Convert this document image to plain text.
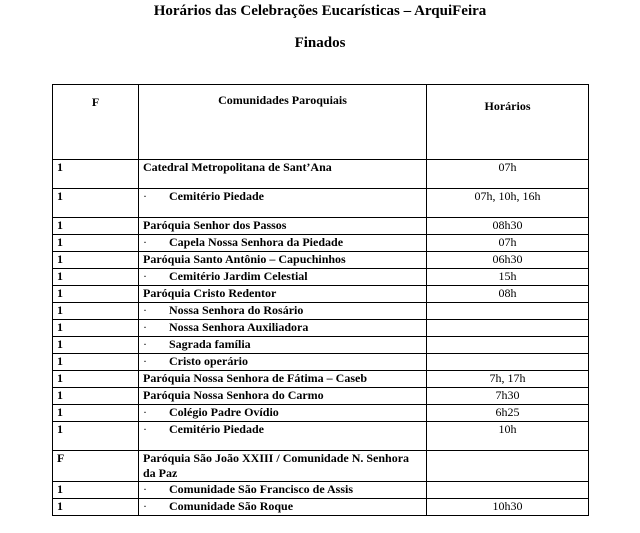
Horários das Celebrações Eucarísticas – ArquiFeira
Finados
F	Comunidades Paroquiais	Horários
1	Catedral Metropolitana de Sant’Ana	07h
1	· Cemitério Piedade	07h, 10h, 16h
1	Paróquia Senhor dos Passos	08h30
1	· Capela Nossa Senhora da Piedade	07h
1	Paróquia Santo Antônio – Capuchinhos	06h30
1	· Cemitério Jardim Celestial	15h
1	Paróquia Cristo Redentor	08h
1	· Nossa Senhora do Rosário	
1	· Nossa Senhora Auxiliadora	
1	· Sagrada família	
1	· Cristo operário	
1	Paróquia Nossa Senhora de Fátima – Caseb	7h, 17h
1	Paróquia Nossa Senhora do Carmo	7h30
1	· Colégio Padre Ovídio	6h25
1	· Cemitério Piedade	10h
F	Paróquia São João XXIII / Comunidade N. Senhora da Paz	
1	· Comunidade São Francisco de Assis	
1	· Comunidade São Roque	10h30
